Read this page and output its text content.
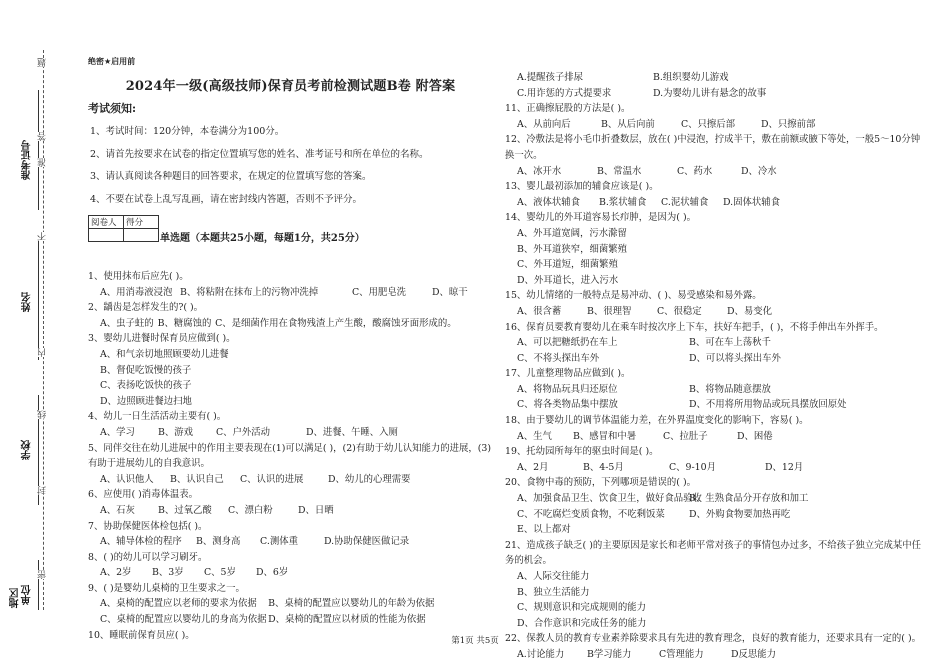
准考证号
姓名
学校
单位
地区
题
答
准
不
内
线
封
密
绝密★启用前
2024年一级(高级技师)保育员考前检测试题B卷 附答案
考试须知:
1、考试时间：120分钟，本卷满分为100分。
2、请首先按要求在试卷的指定位置填写您的姓名、准考证号和所在单位的名称。
3、请认真阅读各种题目的回答要求，在规定的位置填写您的答案。
4、不要在试卷上乱写乱画，请在密封线内答题，否则不予评分。
阅卷人	得分

单选题（本题共25小题，每题1分，共25分）
1、使用抹布后应先( )。
A、用消毒液浸泡 B、将粘附在抹布上的污物冲洗掉	C、用肥皂洗	D、晾干
2、龋齿是怎样发生的?( )。
A、虫子蛀的 B、糖腐蚀的 C、是细菌作用在食物残渣上产生酸，酸腐蚀牙面形成的。
3、婴幼儿进餐时保育员应做到( )。
A、和气亲切地照顾要幼儿进餐
B、督促吃饭慢的孩子
C、表扬吃饭快的孩子
D、边照顾进餐边扫地
4、幼儿一日生活活动主要有( )。
A、学习	B、游戏	C、户外活动	D、进餐、午睡、入厕
5、同伴交往在幼儿进展中的作用主要表现在(1)可以满足( )，(2)有助于幼儿认知能力的进展，(3)有助于进展幼儿的自我意识。
A、认识他人	B、认识自己	C、认识的进展	D、幼儿的心理需要
6、应使用( )消毒体温表。
A、石灰	B、过氧乙酸	C、漂白粉	D、日晒
7、协助保健医体检包括( )。
A、辅导体检的程序	B、测身高	C.测体重	D.协助保健医做记录
8、( )的幼儿可以学习刷牙。
A、2岁	B、3岁	C、5岁	D、6岁
9、( )是婴幼儿桌椅的卫生要求之一。
A、桌椅的配置应以老师的要求为依据	B、桌椅的配置应以婴幼儿的年龄为依据
C、桌椅的配置应以婴幼儿的身高为依据 D、桌椅的配置应以材质的性能为依据
10、睡眠前保育员应( )。
A.提醒孩子排尿	B.组织婴幼儿游戏
C.用诈惩的方式提要求	D.为婴幼儿讲有悬念的故事
11、正确擦屁股的方法是( )。
A、从前向后	B、从后向前	C、只擦后部	D、只擦前部
12、冷敷法是将小毛巾折叠数层，放在( )中浸泡，拧成半干，敷在前额或腋下等处，一般5～10分钟换一次。
A、冰开水	B、常温水	C、药水	D、冷水
13、婴儿最初添加的辅食应该是( )。
A、液体状辅食	B.浆状辅食	C.泥状辅食	D.固体状辅食
14、婴幼儿的外耳道容易长疖肿，是因为( )。
A、外耳道宽阔，污水滁留
B、外耳道狭窄，细菌繁殖
C、外耳道短，细菌繁殖
D、外耳道长，进入污水
15、幼儿情绪的一般特点是易冲动、( )、易受感染和易外露。
A、很含蓄	B、很理智	C、很稳定	D、易变化
16、保育员要教育婴幼儿在乘车时按次序上下车，扶好车把手，( )，不将手伸出车外挥手。
A、可以把糖纸扔在车上	B、可在车上荡秋千
C、不将头探出车外	D、可以将头探出车外
17、儿童整理物品应做到( )。
A、将物品玩具归还原位	B、将物品随意摆放
C、将各类物品集中摆放	D、不用将所用物品或玩具摆放回原处
18、由于婴幼儿的调节体温能力差，在外界温度变化的影响下，容易( )。
A、生气	B、感冒和中暑	C、拉肚子	D、困倦
19、托幼园所每年的驱虫时间是( )。
A、2月	B、4-5月	C、9-10月	D、12月
20、食物中毒的预防，下列哪项是错误的( )。
A、加强食品卫生、饮食卫生，做好食品验收
B、生熟食品分开存放和加工
C、不吃腐烂变质食物，不吃剩饭菜	D、外购食物要加热再吃
E、以上都对
21、造成孩子缺乏( )的主要原因是家长和老师平常对孩子的事情包办过多，不给孩子独立完成某中任务的机会。
A、人际交往能力
B、独立生活能力
C、规则意识和完成规则的能力
D、合作意识和完成任务的能力
22、保教人员的教育专业素养除要求具有先进的教育理念，良好的教育能力，还要求具有一定的( )。
A.讨论能力	B学习能力	C管理能力	D反思能力
第1页 共5页
